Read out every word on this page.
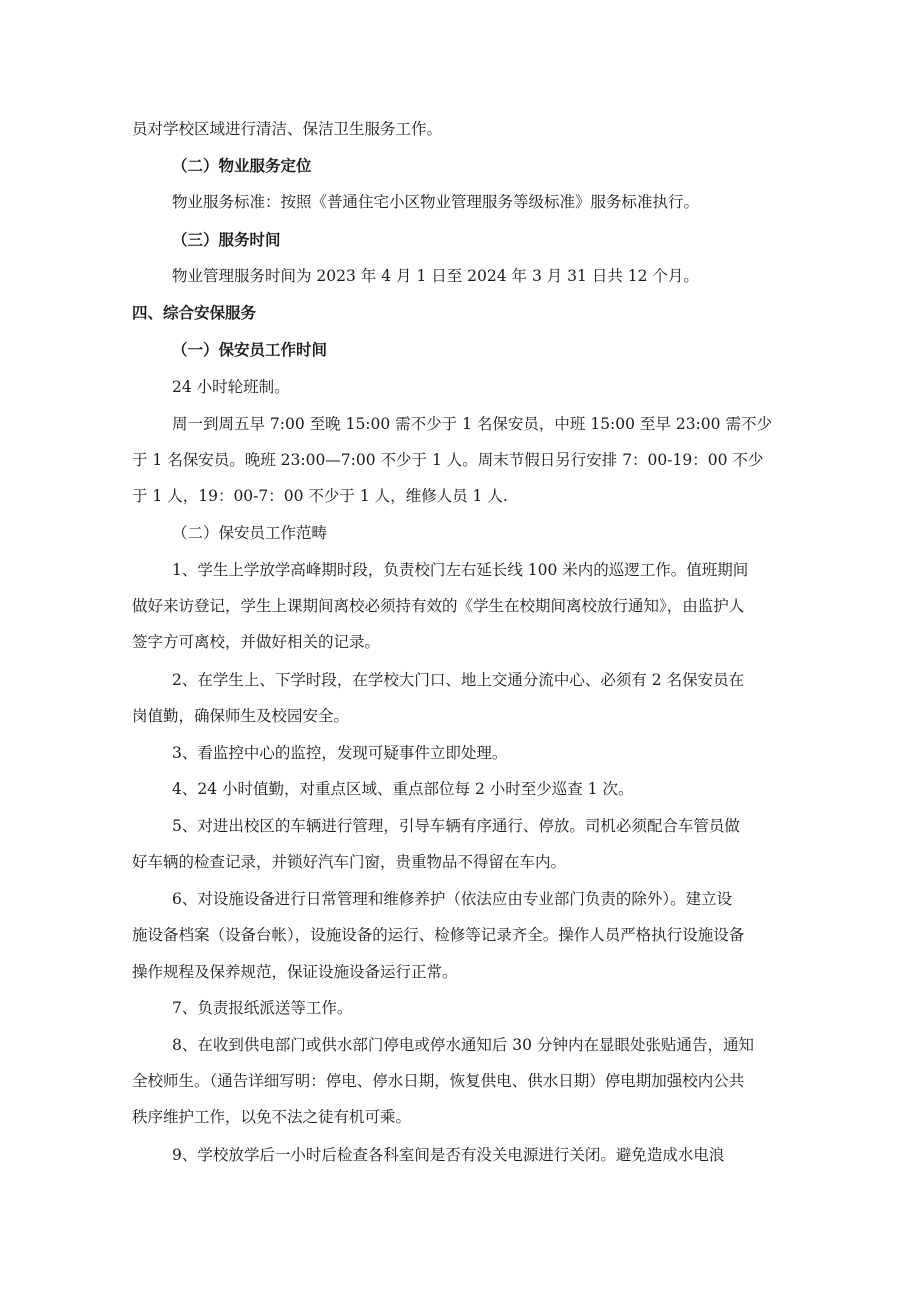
员对学校区域进行清洁、保洁卫生服务工作。
（二）物业服务定位
物业服务标准：按照《普通住宅小区物业管理服务等级标准》服务标准执行。
（三）服务时间
物业管理服务时间为 2023 年 4 月 1 日至 2024 年 3 月 31 日共 12 个月。
四、综合安保服务
（一）保安员工作时间
24 小时轮班制。
周一到周五早 7:00 至晚 15:00 需不少于 1 名保安员，中班 15:00 至早 23:00 需不少
于 1 名保安员。晚班 23:00—7:00 不少于 1 人。周末节假日另行安排 7：00-19：00 不少
于 1 人，19：00-7：00 不少于 1 人，维修人员 1 人.
（二）保安员工作范畴
1、学生上学放学高峰期时段，负责校门左右延长线 100 米内的巡逻工作。值班期间
做好来访登记，学生上课期间离校必须持有效的《学生在校期间离校放行通知》，由监护人
签字方可离校，并做好相关的记录。
2、在学生上、下学时段，在学校大门口、地上交通分流中心、必须有 2 名保安员在
岗值勤，确保师生及校园安全。
3、看监控中心的监控，发现可疑事件立即处理。
4、24 小时值勤，对重点区域、重点部位每 2 小时至少巡查 1 次。
5、对进出校区的车辆进行管理，引导车辆有序通行、停放。司机必须配合车管员做
好车辆的检查记录，并锁好汽车门窗，贵重物品不得留在车内。
6、对设施设备进行日常管理和维修养护（依法应由专业部门负责的除外）。建立设
施设备档案（设备台帐），设施设备的运行、检修等记录齐全。操作人员严格执行设施设备
操作规程及保养规范，保证设施设备运行正常。
7、负责报纸派送等工作。
8、在收到供电部门或供水部门停电或停水通知后 30 分钟内在显眼处张贴通告，通知
全校师生。（通告详细写明：停电、停水日期，恢复供电、供水日期）停电期加强校内公共
秩序维护工作，以免不法之徒有机可乘。
9、学校放学后一小时后检查各科室间是否有没关电源进行关闭。避免造成水电浪
